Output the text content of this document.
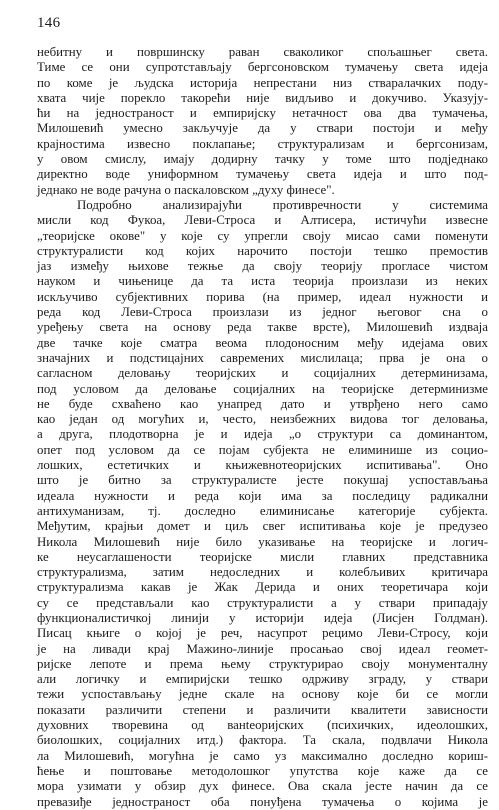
146
небитну и површинску раван сваколиког спољашњег света.
Тиме се они супротстављају бергсоновском тумачењу света идеја
по коме је људска историја непрестани низ стваралачких поду-
хвата чије порекло такорећи није видљиво и докучиво. Указују-
ћи на једностраност и емпиријску нетачност ова два тумачења,
Милошевић умесно закључује да у ствари постоји и међу
крајностима извесно поклапање; структурализам и бергсонизам,
у овом смислу, имају додирну тачку у томе што подједнако
директно воде униформном тумачењу света идеја и што под-
једнако не воде рачуна о паскаловском „духу финесе".
Подробно анализирајући противречности у системима
мисли код Фукоа, Леви-Строса и Алтисера, истичући извесне
„теоријске окове" у које су упрегли своју мисао сами поменути
структуралисти код којих нарочито постоји тешко премостив
јаз између њихове тежње да своју теорију прогласе чистом
науком и чињенице да та иста теорија произлази из неких
искључиво субјективних порива (на пример, идеал нужности и
реда код Леви-Строса произлази из једног његовог сна о
уређењу света на основу реда такве врсте), Милошевић издваја
две тачке које сматра веома плодоносним међу идејама ових
значајних и подстицајних савремених мислилаца; прва је она о
сагласном деловању теоријских и социјалних детерминизама,
под условом да деловање социјалних на теоријске детерминизме
не буде схваћено као унапред дато и утврђено него само
као један од могућих и, често, неизбежних видова тог деловања,
а друга, плодотворна је и идеја „о структури са доминантом,
опет под условом да се појам субјекта не елиминише из социо-
лошких, естетичких и књижевнотеоријских испитивања". Оно
што је битно за структуралисте јесте покушај успостављања
идеала нужности и реда који има за последицу радикални
антихуманизам, тј. доследно елиминисање категорије субјекта.
Међутим, крајњи домет и циљ свег испитивања које је предузео
Никола Милошевић није било указивање на теоријске и логич-
ке неусаглашености теоријске мисли главних представника
структурализма, затим недоследних и колебљивих критичара
структурализма какав је Жак Дерида и оних теоретичара који
су се представљали као структуралисти а у ствари припадају
функционалистичкој линији у историји идеја (Лисјен Голдман).
Писац књиге о којој је реч, насупрот рецимо Леви-Стросу, који
је на ливади крај Мажино-линије просањао свој идеал геомет-
ријске лепоте и према њему структурирао своју монументалну
али логичку и емпиријски тешко одрживу зграду, у ствари
тежи успостављању једне скале на основу које би се могли
показати различити степени и различити квалитети зависности
духовних творевина од ванteоријских (психичких, идеолошких,
биолошких, социјалних итд.) фактора. Та скала, подвлачи Никола
ла Милошевић, могућна је само уз максимално доследно кориш-
ћење и поштовање методолошког упутства које каже да се
мора узимати у обзир дух финесе. Ова скала јесте начин да се
превазиђе једностраност оба понуђена тумачења о којима је
